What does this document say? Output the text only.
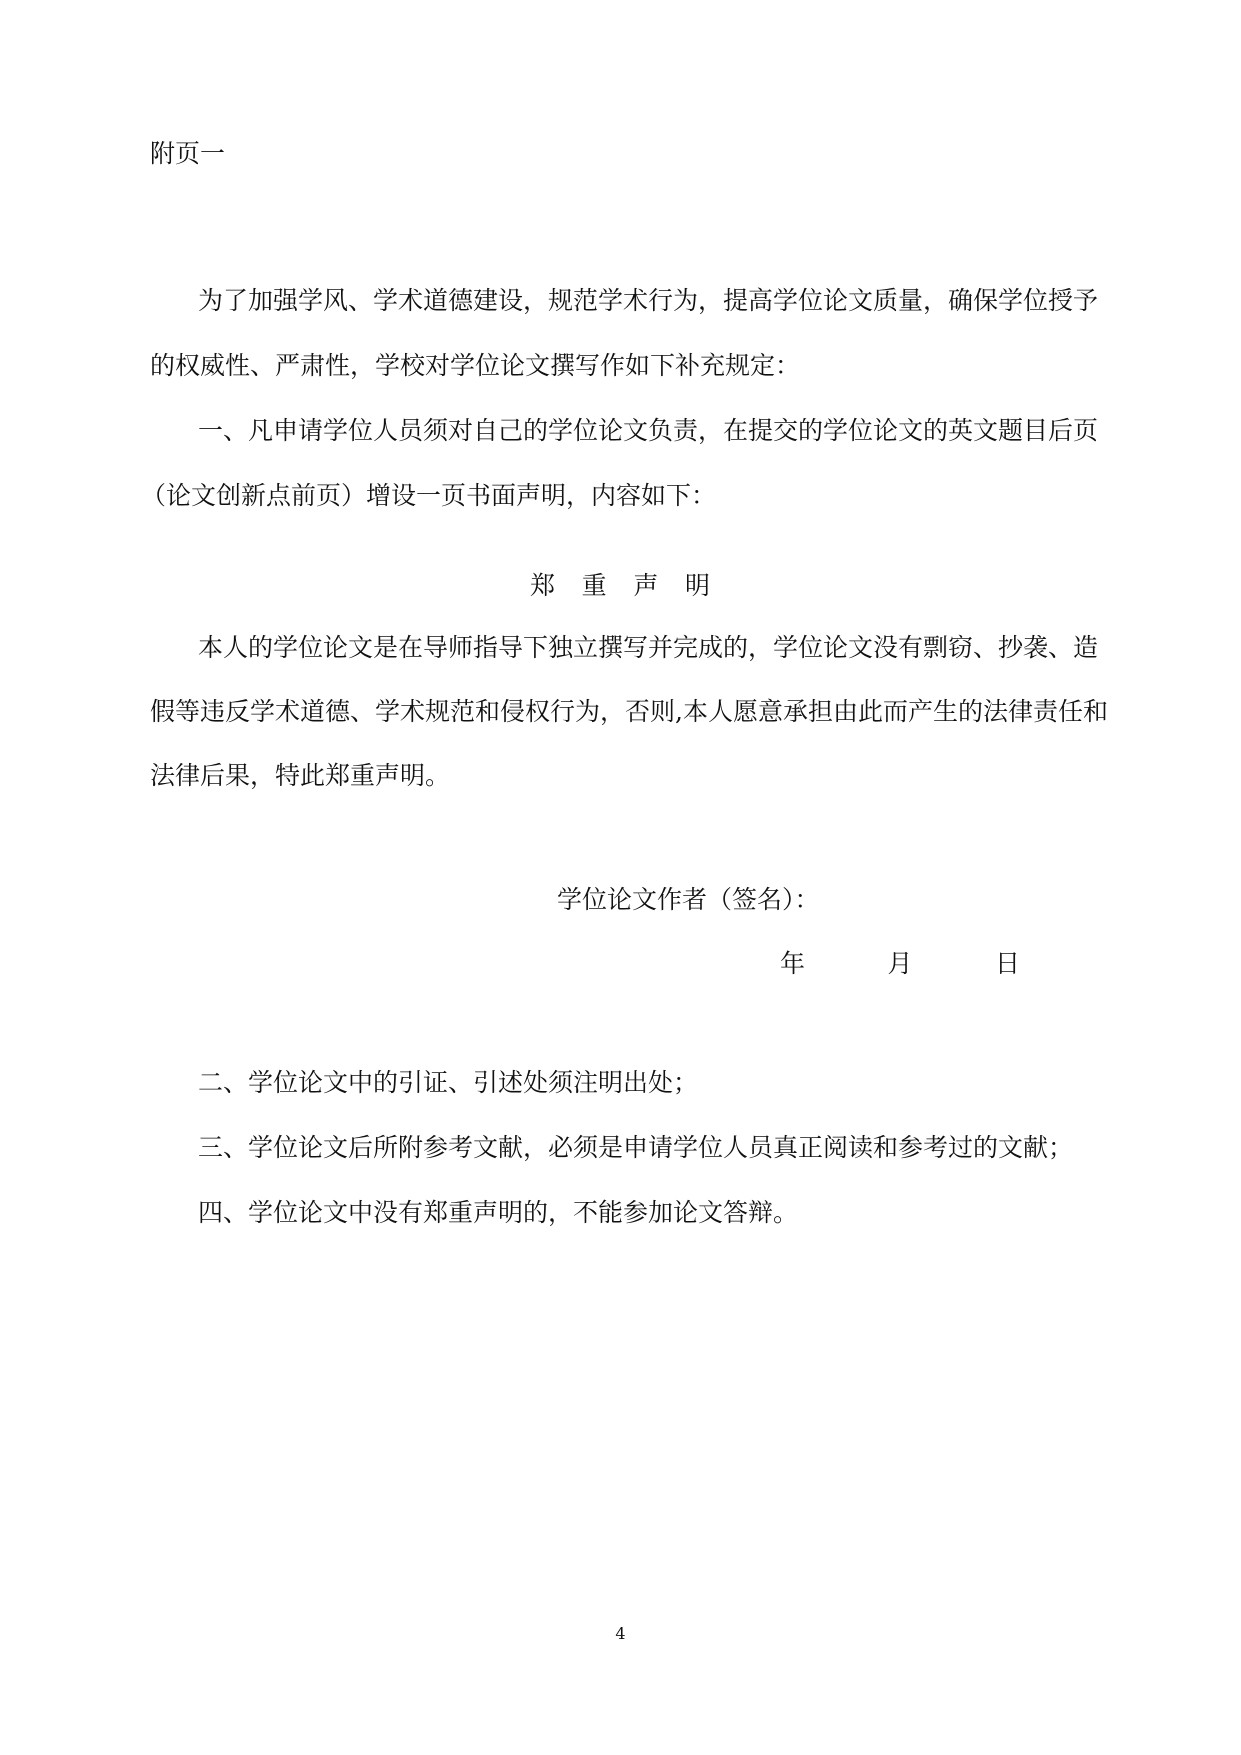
附页一

为了加强学风、学术道德建设，规范学术行为，提高学位论文质量，确保学位授予

的权威性、严肃性，学校对学位论文撰写作如下补充规定：

一、凡申请学位人员须对自己的学位论文负责，在提交的学位论文的英文题目后页

（论文创新点前页）增设一页书面声明，内容如下：

郑 重 声 明

本人的学位论文是在导师指导下独立撰写并完成的，学位论文没有剽窃、抄袭、造

假等违反学术道德、学术规范和侵权行为，否则,本人愿意承担由此而产生的法律责任和

法律后果，特此郑重声明。

学位论文作者（签名）：

年	月	日

二、学位论文中的引证、引述处须注明出处；

三、学位论文后所附参考文献，必须是申请学位人员真正阅读和参考过的文献；

四、学位论文中没有郑重声明的，不能参加论文答辩。

4
